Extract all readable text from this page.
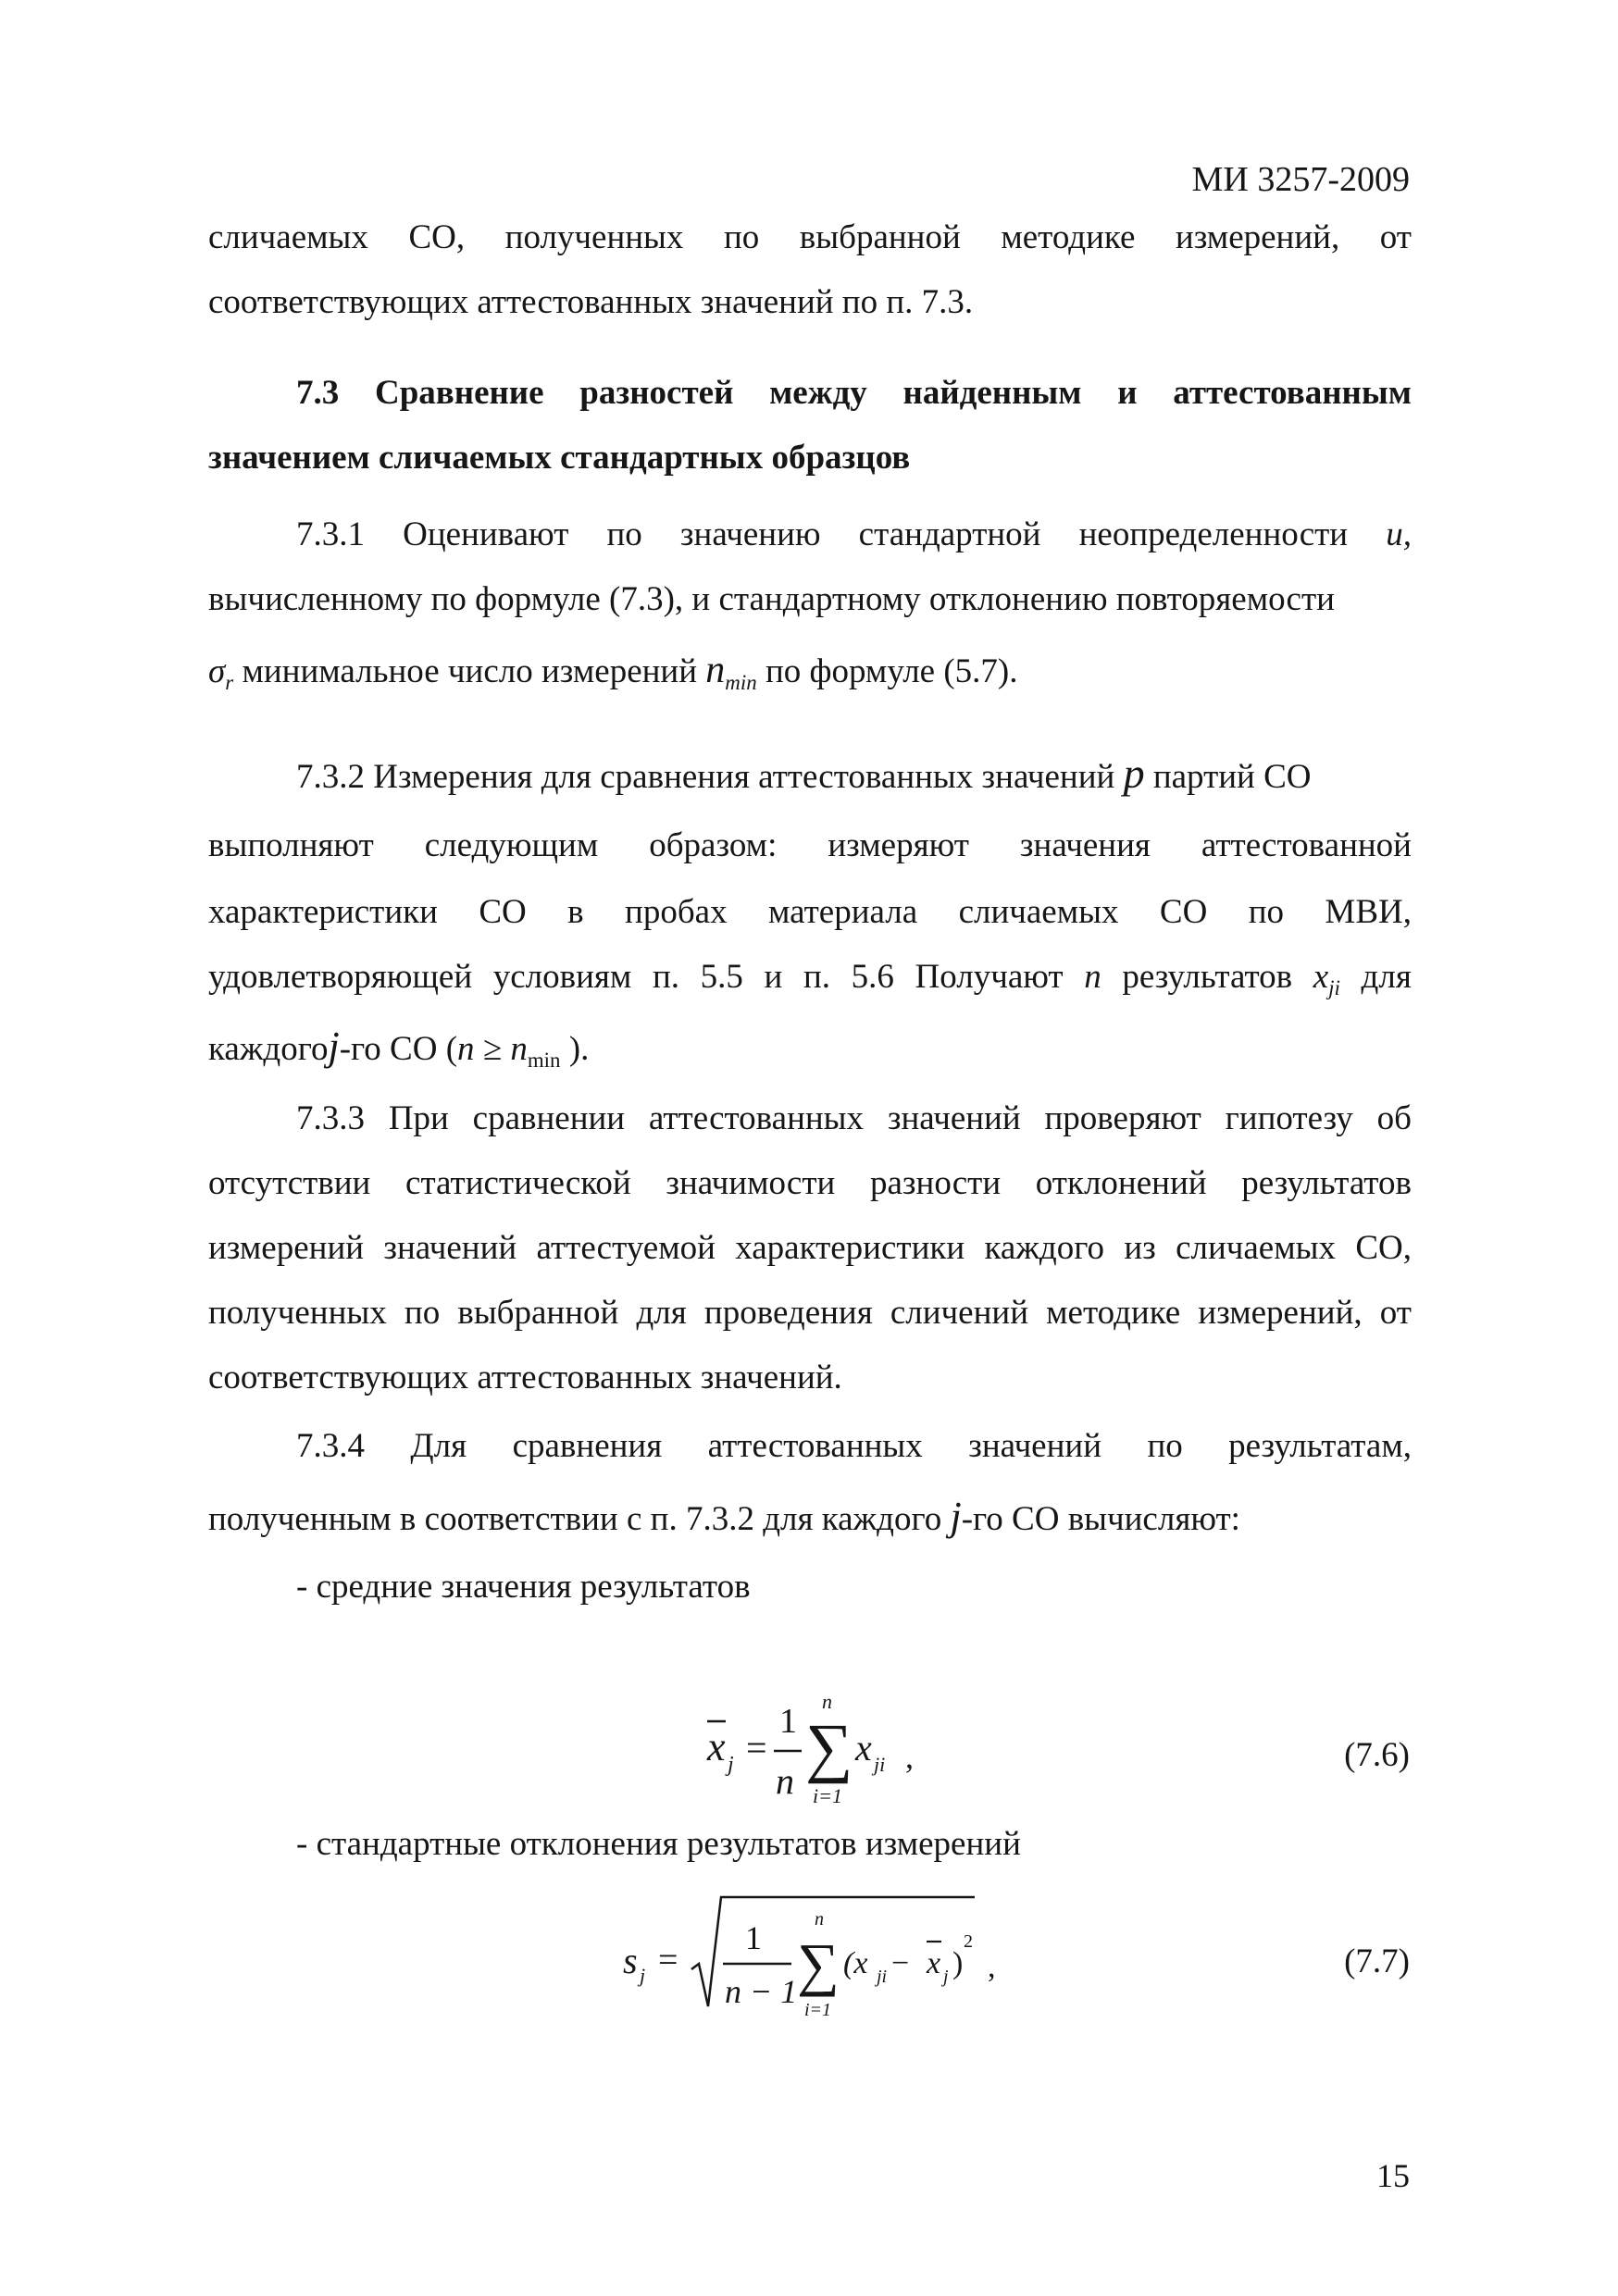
МИ 3257-2009
сличаемых СО, полученных по выбранной методике измерений, от
соответствующих аттестованных значений по п. 7.3.
7.3 Сравнение разностей между найденным и аттестованным
значением сличаемых стандартных образцов
7.3.1 Оценивают по значению стандартной неопределенности u,
вычисленному по формуле (7.3), и стандартному отклонению повторяемости
$\sigma_r$ минимальное число измерений $n_{min}$ по формуле (5.7).
7.3.2 Измерения для сравнения аттестованных значений p партий СО
выполняют следующим образом: измеряют значения аттестованной
характеристики СО в пробах материала сличаемых СО по МВИ,
удовлетворяющей условиям п. 5.5 и п. 5.6 Получают n результатов $x_{ji}$ для
каждогоj-го СО ($n \ge n_{min}$ ).
7.3.3 При сравнении аттестованных значений проверяют гипотезу об
отсутствии статистической значимости разности отклонений результатов
измерений значений аттестуемой характеристики каждого из сличаемых СО,
полученных по выбранной для проведения сличений методике измерений, от
соответствующих аттестованных значений.
7.3.4 Для сравнения аттестованных значений по результатам,
полученным в соответствии с п. 7.3.2 для каждого j-го СО вычисляют:
- средние значения результатов
x j =
1
n
n
∑
i=1
x ji ,	(7.6)
- стандартные отклонения результатов измерений
s j =
1
n − 1
n
∑
i=1
(x ji − x j )
2
,	(7.7)
15
